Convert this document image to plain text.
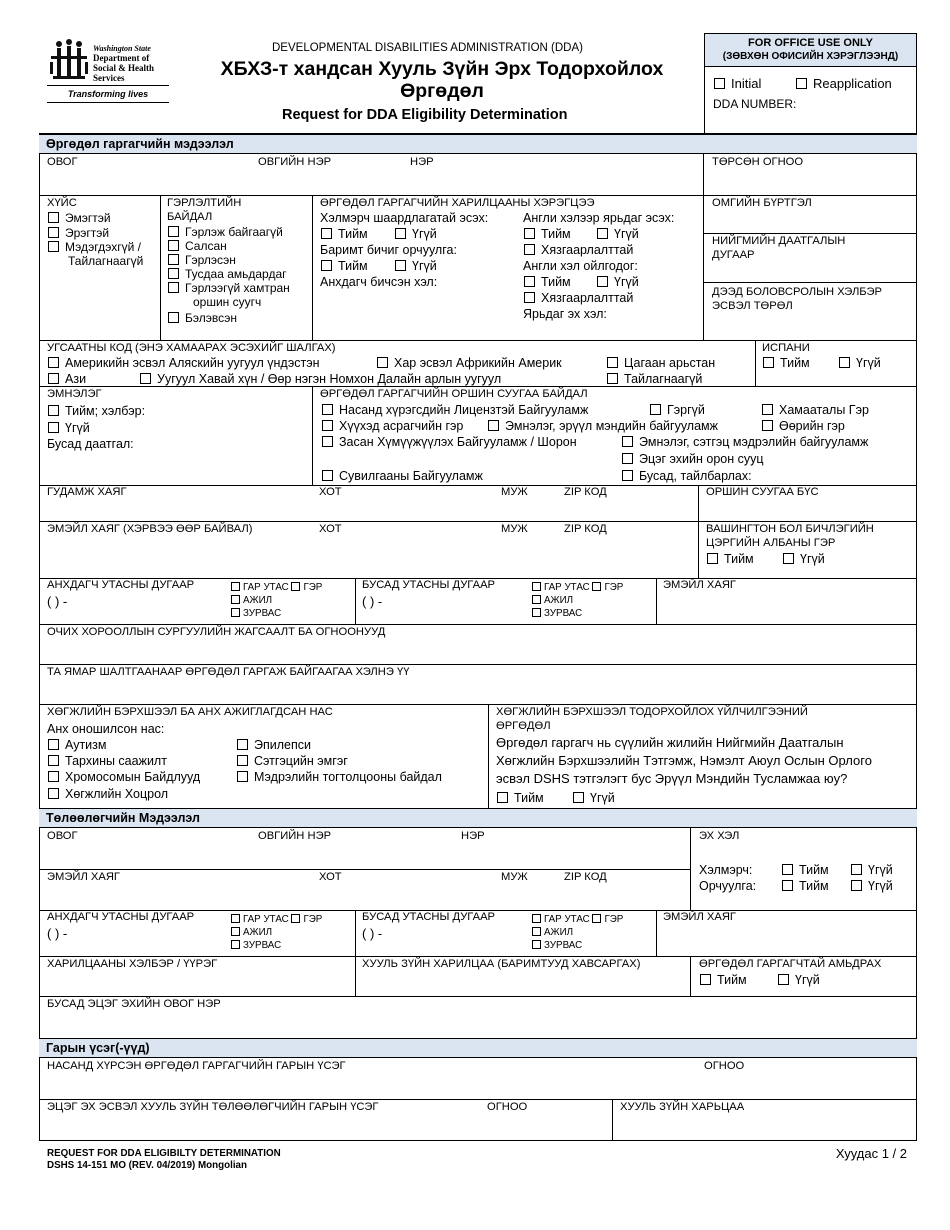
Washington State
Department of Social & Health Services
Transforming lives
DEVELOPMENTAL DISABILITIES ADMINISTRATION (DDA)
ХБХЗ-т хандсан Хууль Зүйн Эрх Тодорхойлох
Өргөдөл
Request for DDA Eligibility Determination
FOR OFFICE USE ONLY
(ЗӨВХӨН ОФИСИЙН ХЭРЭГЛЭЭНД)
Initial	Reapplication
DDA NUMBER:
Өргөдөл гаргагчийн мэдээлэл
ОВОГ	ОВГИЙН НЭР	НЭР	ТӨРСӨН ОГНОО
ХҮЙС
Эмэгтэй
Эрэгтэй
Мэдэгдэхгүй /
Тайлагнаагүй
ГЭРЛЭЛТИЙН
БАЙДАЛ
Гэрлэж байгаагүй
Салсан
Гэрлэсэн
Тусдаа амьдардаг
Гэрлээгүй хамтран
оршин суугч
Бэлэвсэн
ӨРГӨДӨЛ ГАРГАГЧИЙН ХАРИЛЦААНЫ ХЭРЭГЦЭЭ
Хэлмэрч шаардлагатай эсэх:	Англи хэлээр ярьдаг эсэх:
Тийм	Үгүй	Тийм	Үгүй
Баримт бичиг орчуулга:	Хязгаарлалттай
Тийм	Үгүй	Англи хэл ойлгодог:
Анхдагч бичсэн хэл:	Тийм	Үгүй
Хязгаарлалттай
Ярьдаг эх хэл:
ОМГИЙН БҮРТГЭЛ
НИЙГМИЙН ДААТГАЛЫН
ДУГААР
ДЭЭД БОЛОВСРОЛЫН ХЭЛБЭР
ЭСВЭЛ ТӨРӨЛ
УГСААТНЫ КОД (ЭНЭ ХАМААРАХ ЭСЭХИЙГ ШАЛГАХ)
Америкийн эсвэл Аляскийн уугуул үндэстэн	Хар эсвэл Африкийн Америк	Цагаан арьстан
Ази	Уугуул Хавай хүн / Өөр нэгэн Номхон Далайн арлын уугуул	Тайлагнаагүй
ИСПАНИ
Тийм	Үгүй
ЭМНЭЛЭГ
Тийм; хэлбэр:
Үгүй
Бусад даатгал:
ӨРГӨДӨЛ ГАРГАГЧИЙН ОРШИН СУУГАА БАЙДАЛ
Насанд хүрэгсдийн Лицензтэй Байгууламж	Гэргүй	Хамааталы Гэр
Хүүхэд асрагчийн гэр	Эмнэлэг, эрүүл мэндийн байгууламж	Өөрийн гэр
Засан Хүмүүжүүлэх Байгууламж / Шорон	Эмнэлэг, сэтгэц мэдрэлийн байгууламж
Эцэг эхийн орон сууц
Сувилгааны Байгууламж	Бусад, тайлбарлах:
ГУДАМЖ ХАЯГ	ХОТ	МУЖ	ZIP КОД	ОРШИН СУУГАА БҮС
ЭМЭЙЛ ХАЯГ (ХЭРВЭЭ ӨӨР БАЙВАЛ)	ХОТ	МУЖ	ZIP КОД	ВАШИНГТОН БОЛ БИЧЛЭГИЙН
ЦЭРГИЙН АЛБАНЫ ГЭР
Тийм	Үгүй
АНХДАГЧ УТАСНЫ ДУГААР
( ) -
ГАР УТАС ГЭР
АЖИЛ
ЗУРВАС
БУСАД УТАСНЫ ДУГААР
( ) -
ГАР УТАС ГЭР
АЖИЛ
ЗУРВАС
ЭМЭЙЛ ХАЯГ
ОЧИХ ХОРООЛЛЫН СУРГУУЛИЙН ЖАГСААЛТ БА ОГНООНУУД
ТА ЯМАР ШАЛТГААНААР ӨРГӨДӨЛ ГАРГАЖ БАЙГААГАА ХЭЛНЭ ҮҮ
ХӨГЖЛИЙН БЭРХШЭЭЛ БА АНХ АЖИГЛАГДСАН НАС
Анх оношилсон нас:
Аутизм	Эпилепси
Тархины саажилт	Сэтгэцийн эмгэг
Хромосомын Байдлууд	Мэдрэлийн тогтолцооны байдал
Хөгжлийн Хоцрол
ХӨГЖЛИЙН БЭРХШЭЭЛ ТОДОРХОЙЛОХ ҮЙЛЧИЛГЭЭНИЙ
ӨРГӨДӨЛ
Өргөдөл гаргагч нь сүүлийн жилийн Нийгмийн Даатгалын
Хөгжлийн Бэрхшээлийн Тэтгэмж, Нэмэлт Аюул Ослын Орлого
эсвэл DSHS тэтгэлэгт бус Эрүүл Мэндийн Тусламжаа юу?
Тийм	Үгүй
Төлөөлөгчийн Мэдээлэл
ОВОГ	ОВГИЙН НЭР	НЭР	ЭХ ХЭЛ
ЭМЭЙЛ ХАЯГ	ХОТ	МУЖ	ZIP КОД	Хэлмэрч:	Тийм	Үгүй
Орчуулга:	Тийм	Үгүй
АНХДАГЧ УТАСНЫ ДУГААР
( ) -
ГАР УТАС ГЭР
АЖИЛ
ЗУРВАС
БУСАД УТАСНЫ ДУГААР
( ) -
ГАР УТАС ГЭР
АЖИЛ
ЗУРВАС
ЭМЭЙЛ ХАЯГ
ХАРИЛЦААНЫ ХЭЛБЭР / ҮҮРЭГ	ХУУЛЬ ЗҮЙН ХАРИЛЦАА (БАРИМТУУД ХАВСАРГАХ)	ӨРГӨДӨЛ ГАРГАГЧТАЙ АМЬДРАХ
Тийм	Үгүй
БУСАД ЭЦЭГ ЭХИЙН ОВОГ НЭР
Гарын үсэг(-үүд)
НАСАНД ХҮРСЭН ӨРГӨДӨЛ ГАРГАГЧИЙН ГАРЫН ҮСЭГ	ОГНОО
ЭЦЭГ ЭХ ЭСВЭЛ ХУУЛЬ ЗҮЙН ТӨЛӨӨЛӨГЧИЙН ГАРЫН ҮСЭГ	ОГНОО	ХУУЛЬ ЗҮЙН ХАРЬЦАА
REQUEST FOR DDA ELIGIBILTY DETERMINATION
DSHS 14-151 MO (REV. 04/2019) Mongolian
Хуудас 1 / 2
